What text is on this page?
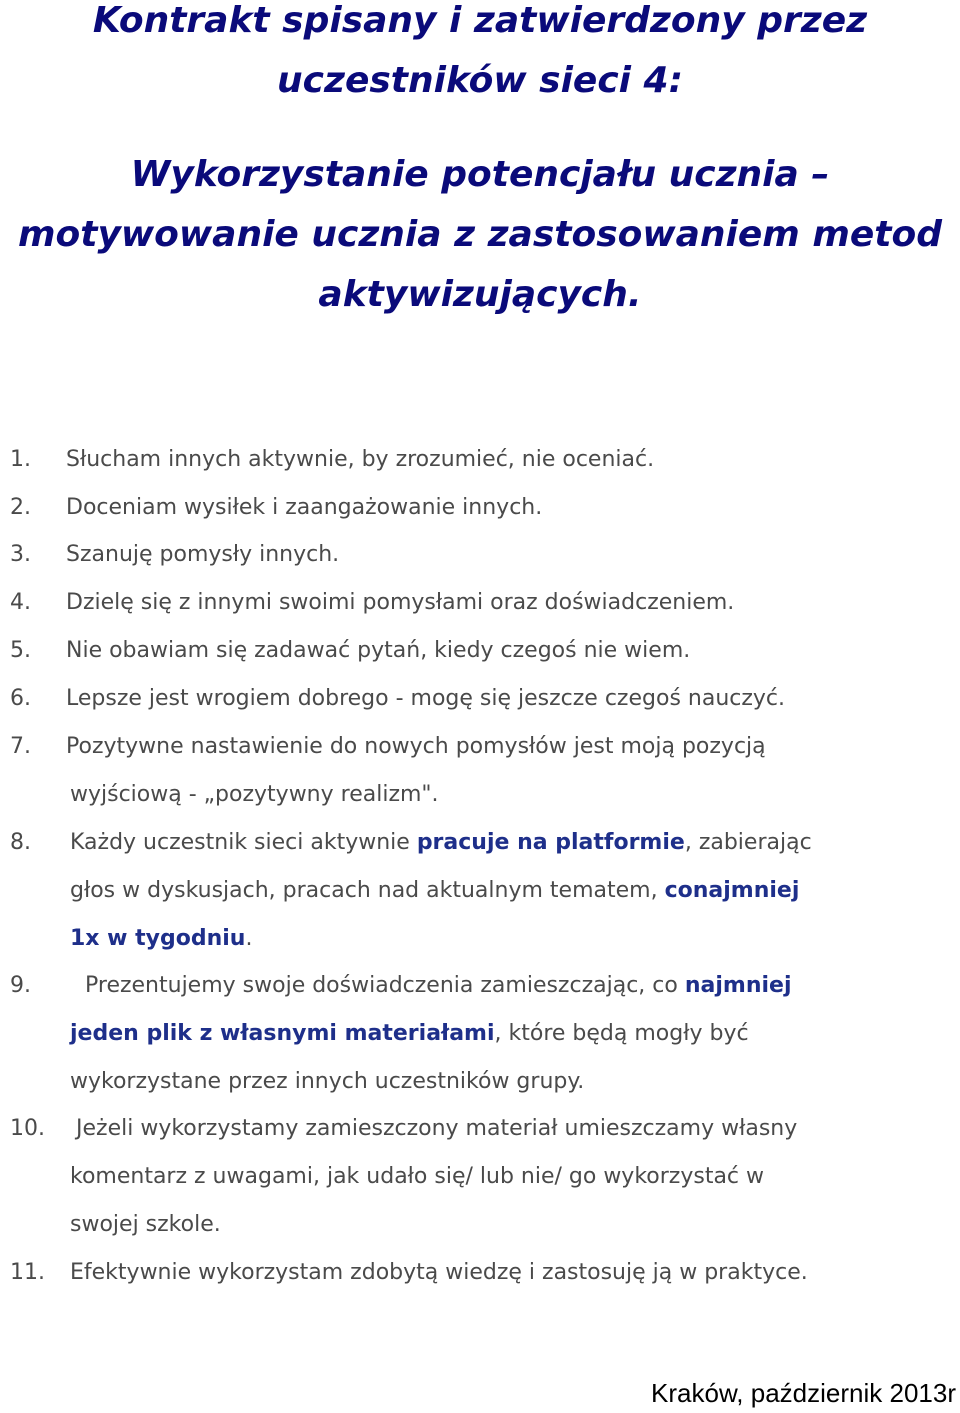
Kontrakt spisany i zatwierdzony przez
uczestników sieci 4:
Wykorzystanie potencjału ucznia –
motywowanie ucznia z zastosowaniem metod
aktywizujących.
1. Słucham innych aktywnie, by zrozumieć, nie oceniać.
2. Doceniam wysiłek i zaangażowanie innych.
3. Szanuję pomysły innych.
4. Dzielę się z innymi swoimi pomysłami oraz doświadczeniem.
5. Nie obawiam się zadawać pytań, kiedy czegoś nie wiem.
6. Lepsze jest wrogiem dobrego - mogę się jeszcze czegoś nauczyć.
7. Pozytywne nastawienie do nowych pomysłów jest moją pozycją
wyjściową - „pozytywny realizm".
8. Każdy uczestnik sieci aktywnie pracuje na platformie, zabierając
głos w dyskusjach, pracach nad aktualnym tematem, conajmniej
1x w tygodniu.
9. Prezentujemy swoje doświadczenia zamieszczając, co najmniej
jeden plik z własnymi materiałami, które będą mogły być
wykorzystane przez innych uczestników grupy.
10. Jeżeli wykorzystamy zamieszczony materiał umieszczamy własny
komentarz z uwagami, jak udało się/ lub nie/ go wykorzystać w
swojej szkole.
11. Efektywnie wykorzystam zdobytą wiedzę i zastosuję ją w praktyce.
Kraków, październik 2013r
